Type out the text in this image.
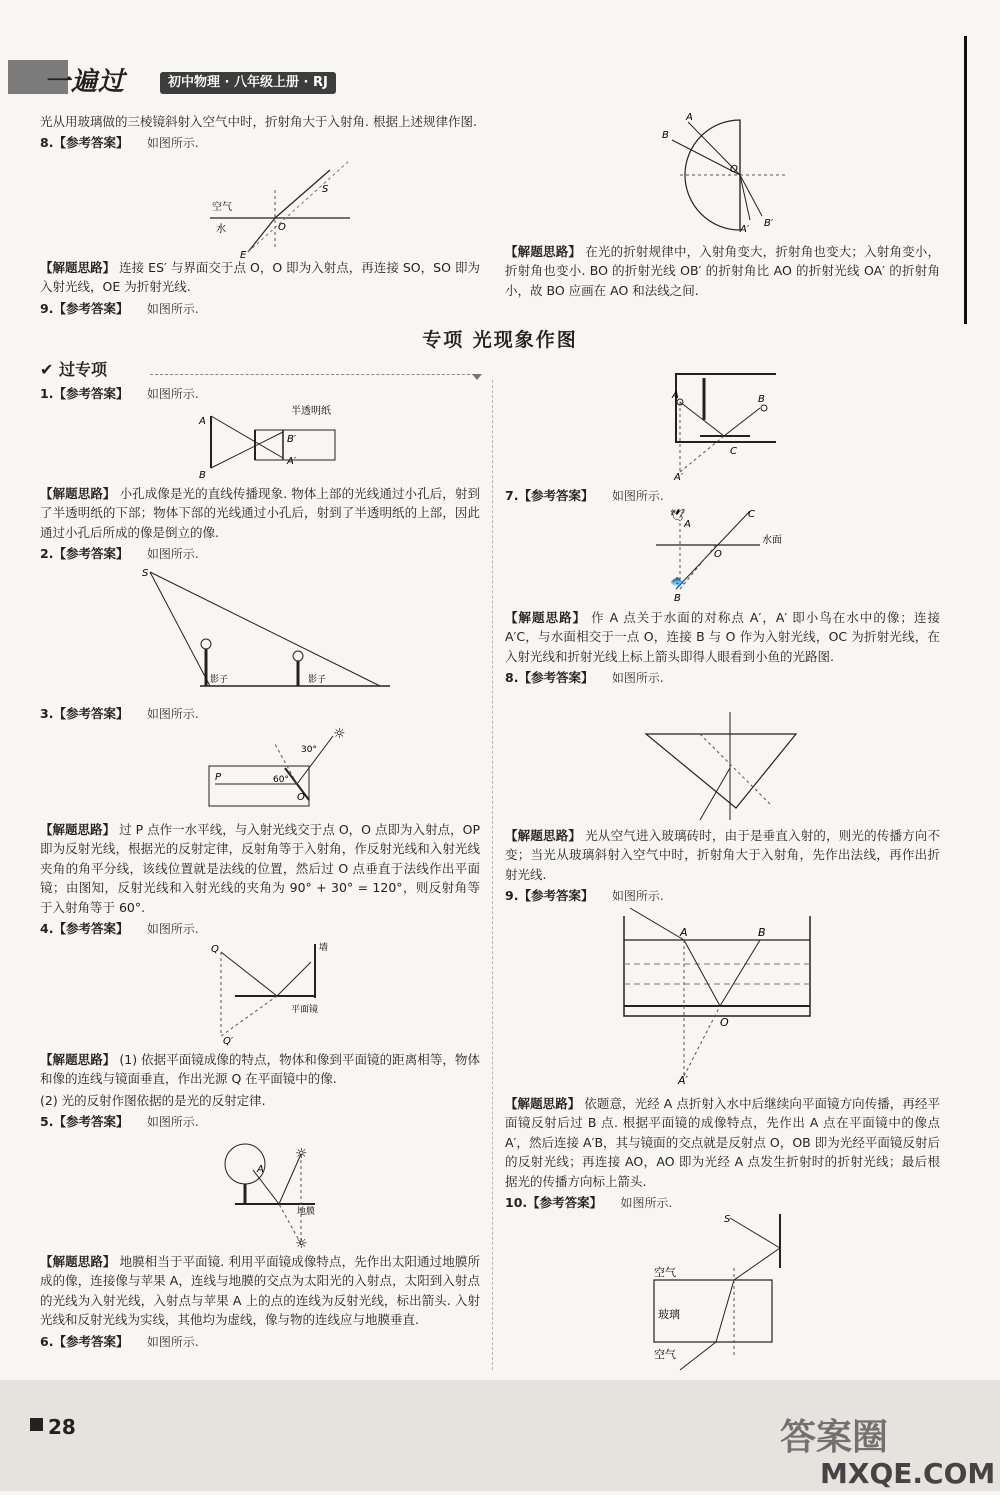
一遍过	初中物理 · 八年级上册 · RJ

光从用玻璃做的三棱镜斜射入空气中时，折射角大于入射角. 根据上述规律作图.

8.【参考答案】 如图所示.

空气
水
S
E
O

【解题思路】 连接 ES′ 与界面交于点 O，O 即为入射点，再连接 SO，SO 即为入射光线，OE 为折射光线.

9.【参考答案】 如图所示.

A
B
O
A′
B′

【解题思路】 在光的折射规律中，入射角变大，折射角也变大；入射角变小，折射角也变小. BO 的折射光线 OB′ 的折射角比 AO 的折射光线 OA′ 的折射角小，故 BO 应画在 AO 和法线之间.

专项 光现象作图
✔︎ 过专项

1.【参考答案】 如图所示.

A
B
B′
A′
半透明纸

【解题思路】 小孔成像是光的直线传播现象. 物体上部的光线通过小孔后，射到了半透明纸的下部；物体下部的光线通过小孔后，射到了半透明纸的上部，因此通过小孔后所成的像是倒立的像.

2.【参考答案】 如图所示.

S
影子	影子

3.【参考答案】 如图所示.

☼
P
30°
60°
O

【解题思路】 过 P 点作一水平线，与入射光线交于点 O，O 点即为入射点，OP 即为反射光线，根据光的反射定律，反射角等于入射角，作反射光线和入射光线夹角的角平分线，该线位置就是法线的位置，然后过 O 点垂直于法线作出平面镜；由图知，反射光线和入射光线的夹角为 90° + 30° = 120°，则反射角等于入射角等于 60°.

4.【参考答案】 如图所示.

Q
Q′
墙
平面镜

【解题思路】 (1) 依据平面镜成像的特点，物体和像到平面镜的距离相等，物体和像的连线与镜面垂直，作出光源 Q 在平面镜中的像.

(2) 光的反射作图依据的是光的反射定律.

5.【参考答案】 如图所示.

☼
☼
A
地膜

【解题思路】 地膜相当于平面镜. 利用平面镜成像特点，先作出太阳通过地膜所成的像，连接像与苹果 A，连线与地膜的交点为太阳光的入射点，太阳到入射点的光线为入射光线，入射点与苹果 A 上的点的连线为反射光线，标出箭头. 入射光线和反射光线为实线，其他均为虚线，像与物的连线应与地膜垂直.

6.【参考答案】 如图所示.

A	B
C
A′

7.【参考答案】 如图所示.

🕊
🐟
A
B
C
O
水面

【解题思路】 作 A 点关于水面的对称点 A′，A′ 即小鸟在水中的像；连接 A′C，与水面相交于一点 O，连接 B 与 O 作为入射光线，OC 为折射光线，在入射光线和折射光线上标上箭头即得人眼看到小鱼的光路图.

8.【参考答案】 如图所示.

【解题思路】 光从空气进入玻璃砖时，由于是垂直入射的，则光的传播方向不变；当光从玻璃斜射入空气中时，折射角大于入射角，先作出法线，再作出折射光线.

9.【参考答案】 如图所示.

A	B
O
A′

【解题思路】 依题意，光经 A 点折射入水中后继续向平面镜方向传播，再经平面镜反射后过 B 点. 根据平面镜的成像特点，先作出 A 点在平面镜中的像点 A′，然后连接 A′B，其与镜面的交点就是反射点 O，OB 即为光经平面镜反射后的反射光线；再连接 AO，AO 即为光经 A 点发生折射时的折射光线；最后根据光的传播方向标上箭头.

10.【参考答案】 如图所示.

S
空气
玻璃
空气
28	答案圈
MXQE.COM
